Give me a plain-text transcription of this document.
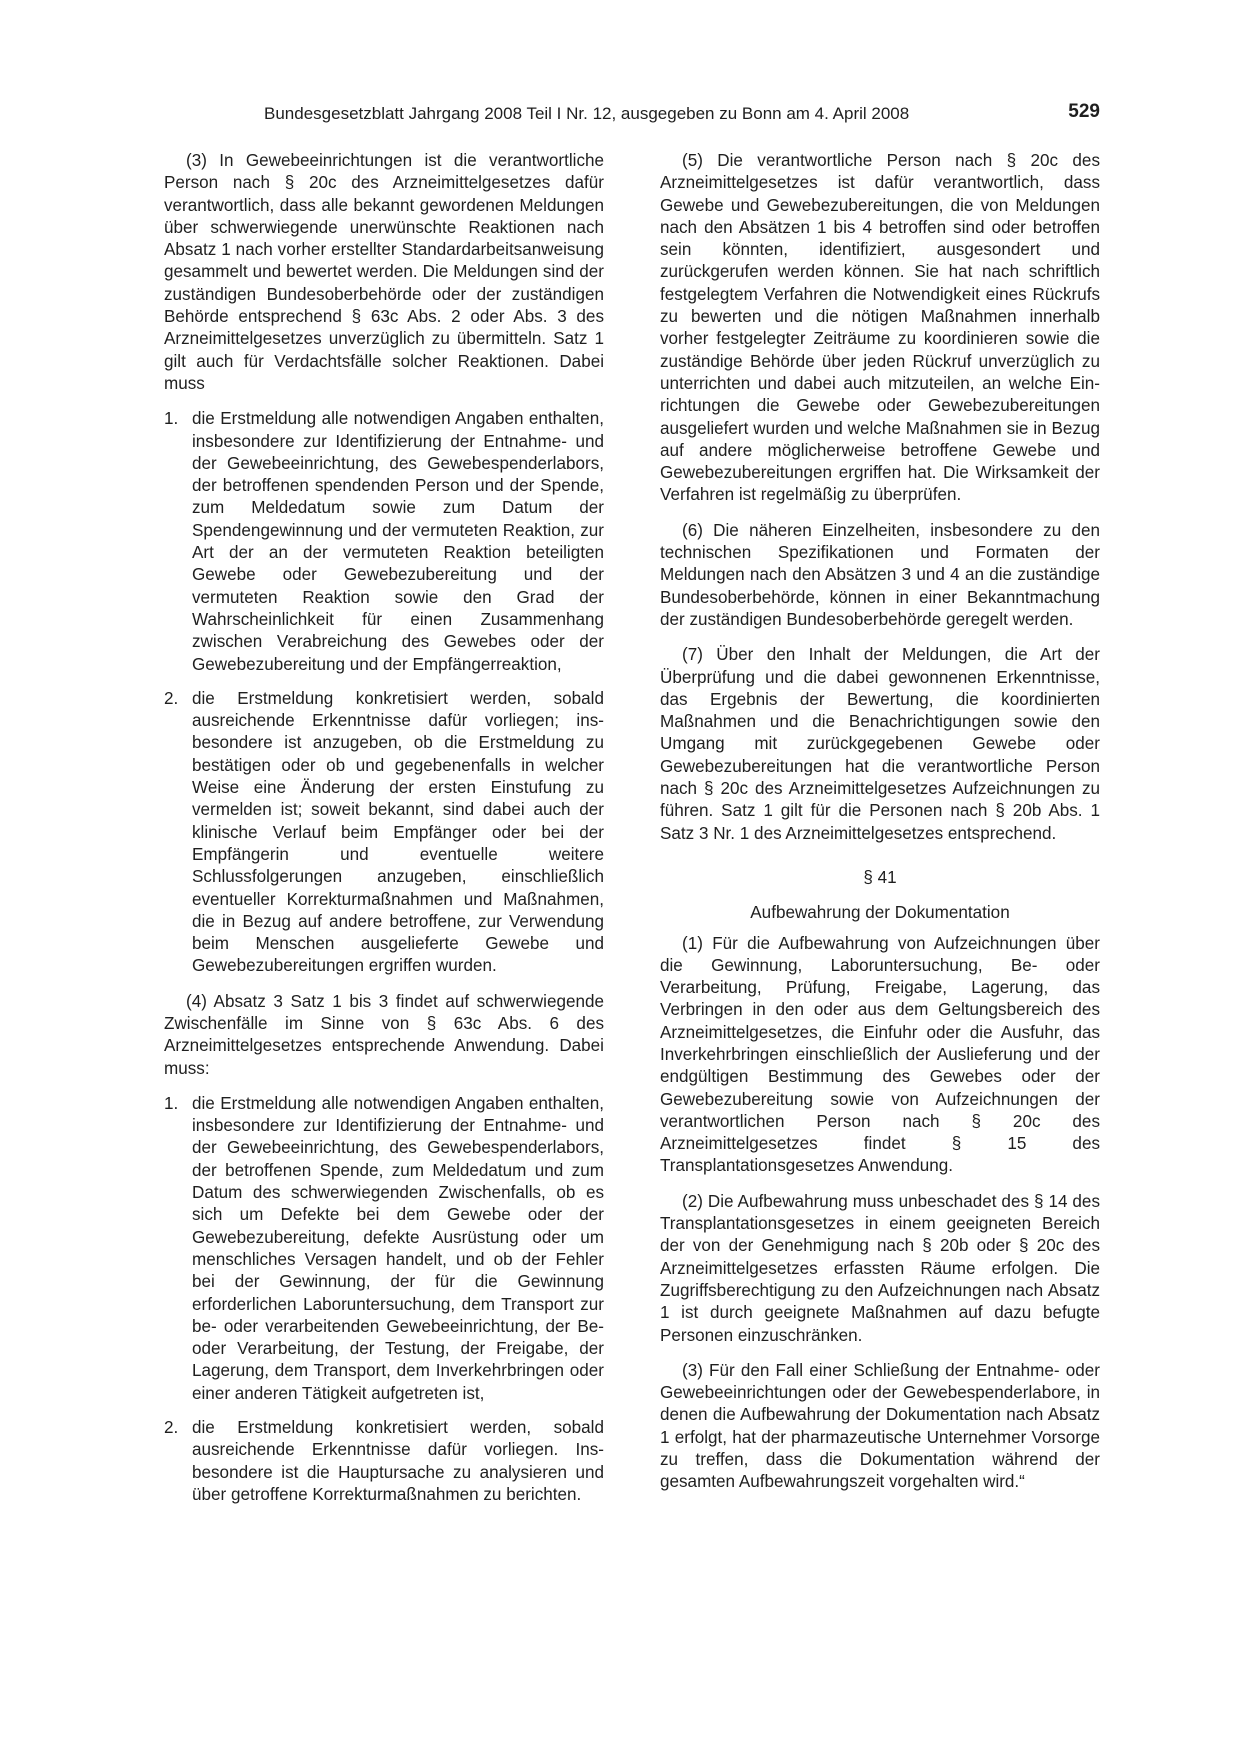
Bundesgesetzblatt Jahrgang 2008 Teil I Nr. 12, ausgegeben zu Bonn am 4. April 2008	529

(3) In Gewebeeinrichtungen ist die verantwortliche Person nach § 20c des Arzneimittelgesetzes dafür verantwortlich, dass alle bekannt gewordenen Meldungen über schwerwiegende unerwünschte Reaktionen nach Absatz 1 nach vorher erstellter Standardarbeitsanweisung gesammelt und bewertet werden. Die Meldungen sind der zuständigen Bundesoberbehörde oder der zuständigen Behörde entsprechend § 63c Abs. 2 oder Abs. 3 des Arzneimittelgesetzes unverzüglich zu übermitteln. Satz 1 gilt auch für Verdachtsfälle solcher Reaktionen. Dabei muss

1. die Erstmeldung alle notwendigen Angaben enthalten, insbesondere zur Identifizierung der Entnahme- und der Gewebeeinrichtung, des Gewebespenderlabors, der betroffenen spendenden Person und der Spende, zum Meldedatum sowie zum Datum der Spendengewinnung und der vermuteten Reaktion, zur Art der an der vermuteten Reaktion beteiligten Gewebe oder Gewebezubereitung und der vermuteten Reaktion sowie den Grad der Wahrscheinlichkeit für einen Zusammenhang zwischen Verabreichung des Gewebes oder der Gewebezubereitung und der Empfängerreaktion,
2. die Erstmeldung konkretisiert werden, sobald ausreichende Erkenntnisse dafür vorliegen; insbesondere ist anzugeben, ob die Erstmeldung zu bestätigen oder ob und gegebenenfalls in welcher Weise eine Änderung der ersten Einstufung zu vermelden ist; soweit bekannt, sind dabei auch der klinische Verlauf beim Empfänger oder bei der Empfängerin und eventuelle weitere Schlussfolgerungen anzugeben, einschließlich eventueller Korrekturmaßnahmen und Maßnahmen, die in Bezug auf andere betroffene, zur Verwendung beim Menschen ausgelieferte Gewebe und Gewebezubereitungen ergriffen wurden.

(4) Absatz 3 Satz 1 bis 3 findet auf schwerwiegende Zwischenfälle im Sinne von § 63c Abs. 6 des Arzneimittelgesetzes entsprechende Anwendung. Dabei muss:

1. die Erstmeldung alle notwendigen Angaben enthalten, insbesondere zur Identifizierung der Entnahme- und der Gewebeeinrichtung, des Gewebespenderlabors, der betroffenen Spende, zum Meldedatum und zum Datum des schwerwiegenden Zwischenfalls, ob es sich um Defekte bei dem Gewebe oder der Gewebezubereitung, defekte Ausrüstung oder um menschliches Versagen handelt, und ob der Fehler bei der Gewinnung, der für die Gewinnung erforderlichen Laboruntersuchung, dem Transport zur be- oder verarbeitenden Gewebeeinrichtung, der Be- oder Verarbeitung, der Testung, der Freigabe, der Lagerung, dem Transport, dem Inverkehrbringen oder einer anderen Tätigkeit aufgetreten ist,
2. die Erstmeldung konkretisiert werden, sobald ausreichende Erkenntnisse dafür vorliegen. Insbesondere ist die Hauptursache zu analysieren und über getroffene Korrekturmaßnahmen zu berichten.

(5) Die verantwortliche Person nach § 20c des Arzneimittelgesetzes ist dafür verantwortlich, dass Gewebe und Gewebezubereitungen, die von Meldungen nach den Absätzen 1 bis 4 betroffen sind oder betroffen sein könnten, identifiziert, ausgesondert und zurückgerufen werden können. Sie hat nach schriftlich festgelegtem Verfahren die Notwendigkeit eines Rückrufs zu bewerten und die nötigen Maßnahmen innerhalb vorher festgelegter Zeiträume zu koordinieren sowie die zuständige Behörde über jeden Rückruf unverzüglich zu unterrichten und dabei auch mitzuteilen, an welche Einrichtungen die Gewebe oder Gewebezubereitungen ausgeliefert wurden und welche Maßnahmen sie in Bezug auf andere möglicherweise betroffene Gewebe und Gewebezubereitungen ergriffen hat. Die Wirksamkeit der Verfahren ist regelmäßig zu überprüfen.

(6) Die näheren Einzelheiten, insbesondere zu den technischen Spezifikationen und Formaten der Meldungen nach den Absätzen 3 und 4 an die zuständige Bundesoberbehörde, können in einer Bekanntmachung der zuständigen Bundesoberbehörde geregelt werden.

(7) Über den Inhalt der Meldungen, die Art der Überprüfung und die dabei gewonnenen Erkenntnisse, das Ergebnis der Bewertung, die koordinierten Maßnahmen und die Benachrichtigungen sowie den Umgang mit zurückgegebenen Gewebe oder Gewebezubereitungen hat die verantwortliche Person nach § 20c des Arzneimittelgesetzes Aufzeichnungen zu führen. Satz 1 gilt für die Personen nach § 20b Abs. 1 Satz 3 Nr. 1 des Arzneimittelgesetzes entsprechend.

§ 41

Aufbewahrung der Dokumentation

(1) Für die Aufbewahrung von Aufzeichnungen über die Gewinnung, Laboruntersuchung, Be- oder Verarbeitung, Prüfung, Freigabe, Lagerung, das Verbringen in den oder aus dem Geltungsbereich des Arzneimittelgesetzes, die Einfuhr oder die Ausfuhr, das Inverkehrbringen einschließlich der Auslieferung und der endgültigen Bestimmung des Gewebes oder der Gewebezubereitung sowie von Aufzeichnungen der verantwortlichen Person nach § 20c des Arzneimittelgesetzes findet § 15 des Transplantationsgesetzes Anwendung.

(2) Die Aufbewahrung muss unbeschadet des § 14 des Transplantationsgesetzes in einem geeigneten Bereich der von der Genehmigung nach § 20b oder § 20c des Arzneimittelgesetzes erfassten Räume erfolgen. Die Zugriffsberechtigung zu den Aufzeichnungen nach Absatz 1 ist durch geeignete Maßnahmen auf dazu befugte Personen einzuschränken.

(3) Für den Fall einer Schließung der Entnahme- oder Gewebeeinrichtungen oder der Gewebespenderlabore, in denen die Aufbewahrung der Dokumentation nach Absatz 1 erfolgt, hat der pharmazeutische Unternehmer Vorsorge zu treffen, dass die Dokumentation während der gesamten Aufbewahrungszeit vorgehalten wird.“
